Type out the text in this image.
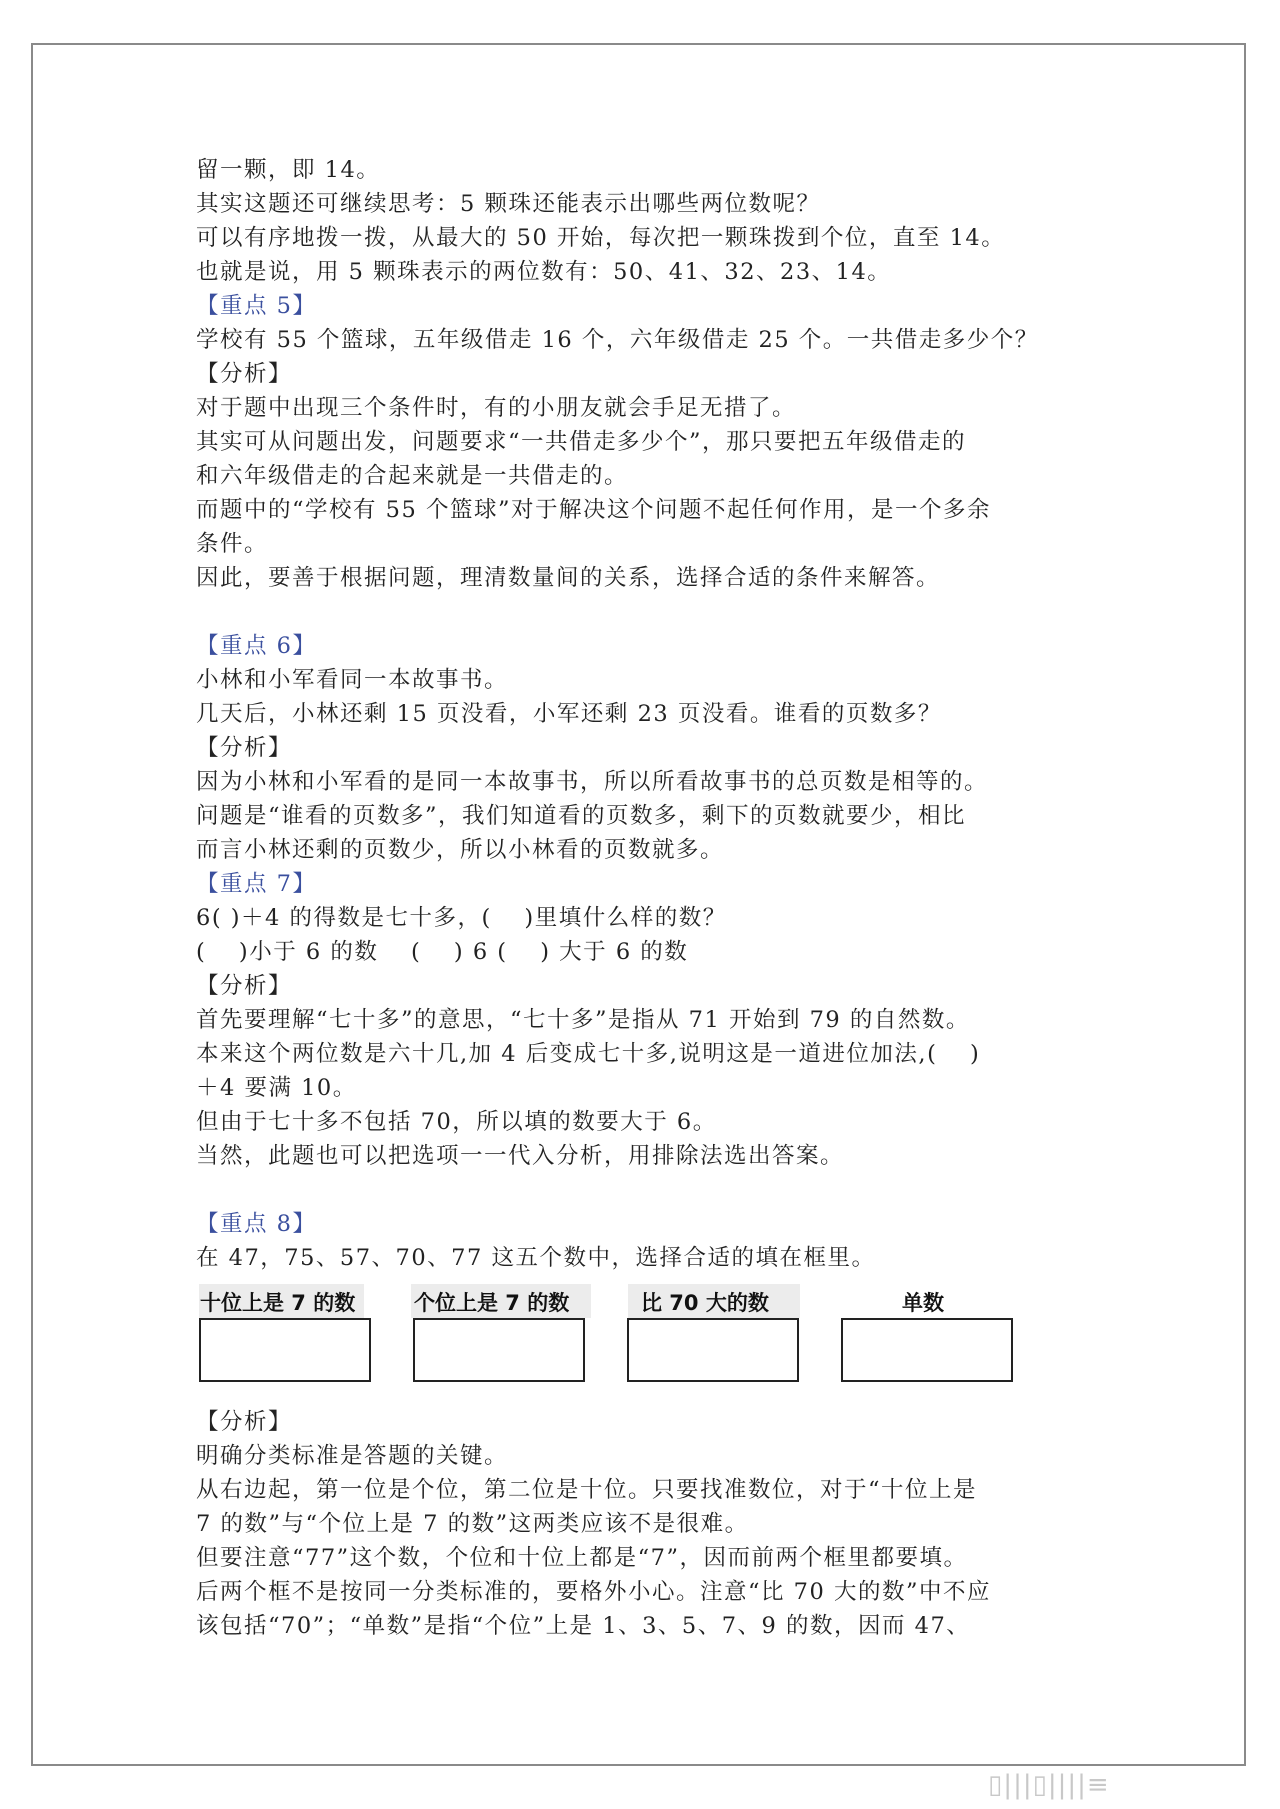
留一颗，即 14。
其实这题还可继续思考：5 颗珠还能表示出哪些两位数呢？
可以有序地拨一拨，从最大的 50 开始，每次把一颗珠拨到个位，直至 14。
也就是说，用 5 颗珠表示的两位数有：50、41、32、23、14。
【重点 5】
学校有 55 个篮球，五年级借走 16 个，六年级借走 25 个。一共借走多少个？
【分析】
对于题中出现三个条件时，有的小朋友就会手足无措了。
其实可从问题出发，问题要求“一共借走多少个”，那只要把五年级借走的
和六年级借走的合起来就是一共借走的。
而题中的“学校有 55 个篮球”对于解决这个问题不起任何作用，是一个多余
条件。
因此，要善于根据问题，理清数量间的关系，选择合适的条件来解答。
【重点 6】
小林和小军看同一本故事书。
几天后，小林还剩 15 页没看，小军还剩 23 页没看。谁看的页数多？
【分析】
因为小林和小军看的是同一本故事书，所以所看故事书的总页数是相等的。
问题是“谁看的页数多”，我们知道看的页数多，剩下的页数就要少，相比
而言小林还剩的页数少，所以小林看的页数就多。
【重点 7】
6( )＋4 的得数是七十多，(　 )里填什么样的数？
(　 )小于 6 的数　 (　 ) 6 (　 ) 大于 6 的数
【分析】
首先要理解“七十多”的意思，“七十多”是指从 71 开始到 79 的自然数。
本来这个两位数是六十几,加 4 后变成七十多,说明这是一道进位加法,(　 )
＋4 要满 10。
但由于七十多不包括 70，所以填的数要大于 6。
当然，此题也可以把选项一一代入分析，用排除法选出答案。
【重点 8】
在 47，75、57、70、77 这五个数中，选择合适的填在框里。
十位上是 7 的数	个位上是 7 的数	比 70 大的数	单数
【分析】
明确分类标准是答题的关键。
从右边起，第一位是个位，第二位是十位。只要找准数位，对于“十位上是
7 的数”与“个位上是 7 的数”这两类应该不是很难。
但要注意“77”这个数，个位和十位上都是“7”，因而前两个框里都要填。
后两个框不是按同一分类标准的，要格外小心。注意“比 70 大的数”中不应
该包括“70”；“单数”是指“个位”上是 1、3、5、7、9 的数，因而 47、
▯|||▯||||≡
